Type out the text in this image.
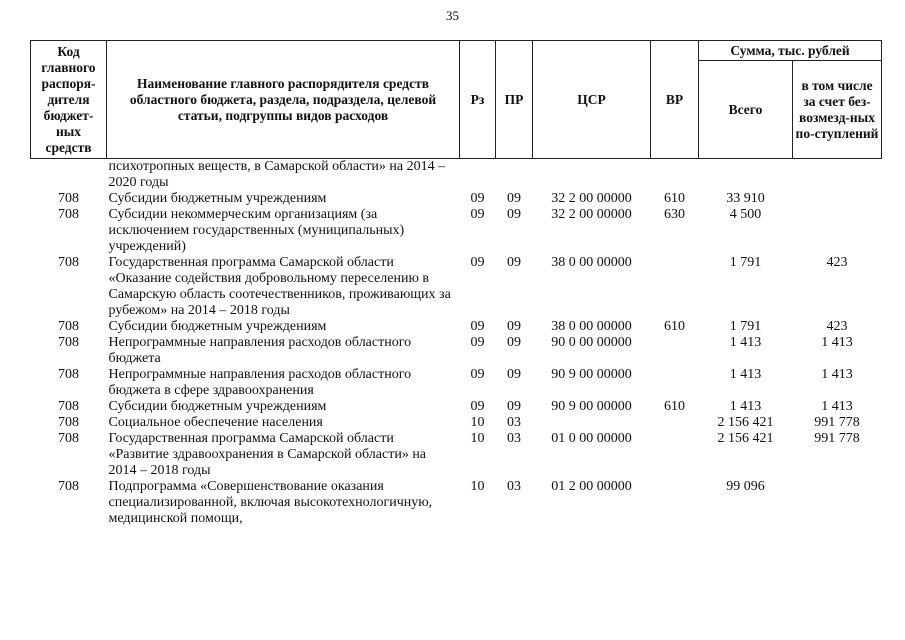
35
Код главного распоря-дителя бюджет-ных средств	Наименование главного распорядителя средств областного бюджета, раздела, подраздела, целевой статьи, подгруппы видов расходов	Рз	ПР	ЦСР	ВР	Сумма, тыс. рублей	
						Всего	в том числе за счет без-возмезд-ных по-ступлений
	психотропных веществ, в Самарской области» на 2014 – 2020 годы						
708	Субсидии бюджетным учреждениям	09	09	32 2 00 00000	610	33 910	
708	Субсидии некоммерческим организациям (за исключением государственных (муниципальных) учреждений)	09	09	32 2 00 00000	630	4 500	
708	Государственная программа Самарской области «Оказание содействия добровольному переселению в Самарскую область соотечественников, проживающих за рубежом» на 2014 – 2018 годы	09	09	38 0 00 00000		1 791	423
708	Субсидии бюджетным учреждениям	09	09	38 0 00 00000	610	1 791	423
708	Непрограммные направления расходов областного бюджета	09	09	90 0 00 00000		1 413	1 413
708	Непрограммные направления расходов областного бюджета в сфере здравоохранения	09	09	90 9 00 00000		1 413	1 413
708	Субсидии бюджетным учреждениям	09	09	90 9 00 00000	610	1 413	1 413
708	Социальное обеспечение населения	10	03			2 156 421	991 778
708	Государственная программа Самарской области «Развитие здравоохранения в Самарской области» на 2014 – 2018 годы	10	03	01 0 00 00000		2 156 421	991 778
708	Подпрограмма «Совершенствование оказания специализированной, включая высокотехнологичную, медицинской помощи,	10	03	01 2 00 00000		99 096	
